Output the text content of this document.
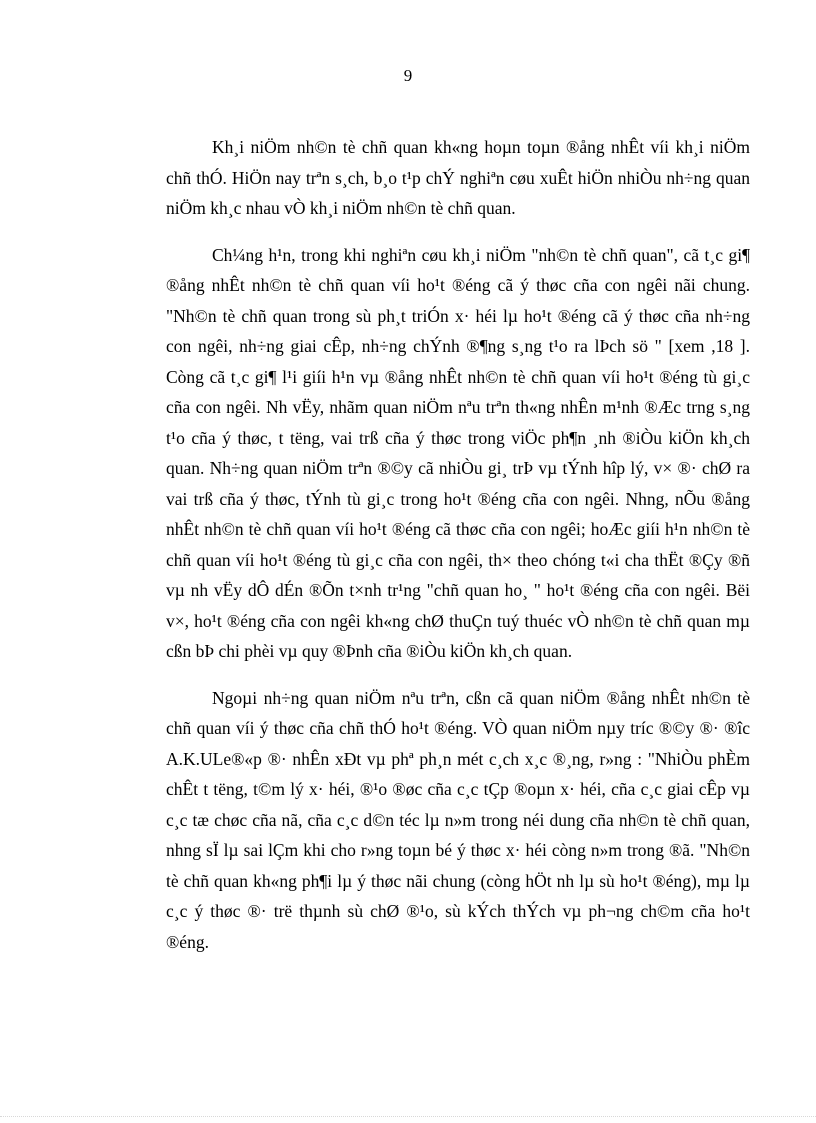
9

Kh¸i niÖm nh©n tè chñ quan kh«ng hoµn toµn ®ång nhÊt víi kh¸i niÖm chñ thÓ. HiÖn nay trªn s¸ch, b¸o t¹p chÝ nghiªn cøu xuÊt hiÖn nhiÒu nh÷ng quan niÖm kh¸c nhau vÒ kh¸i niÖm nh©n tè chñ quan.

Ch¼ng h¹n, trong khi nghiªn cøu kh¸i niÖm "nh©n tè chñ quan", cã t¸c gi¶ ®ång nhÊt nh©n tè chñ quan víi ho¹t ®éng cã ý thøc cña con ngêi nãi chung. "Nh©n tè chñ quan trong sù ph¸t triÓn x· héi lµ ho¹t ®éng cã ý thøc cña nh÷ng con ngêi, nh÷ng giai cÊp, nh÷ng chÝnh ®¶ng s¸ng t¹o ra lÞch sö " [xem ,18 ]. Còng cã t¸c gi¶ l¹i giíi h¹n vµ ®ång nhÊt nh©n tè chñ quan víi ho¹t ®éng tù gi¸c cña con ngêi. Nh vËy, nhãm quan niÖm nªu trªn th«ng nhÊn m¹nh ®Æc trng s¸ng t¹o cña ý thøc, t tëng, vai trß cña ý thøc trong viÖc ph¶n ¸nh ®iÒu kiÖn kh¸ch quan. Nh÷ng quan niÖm trªn ®©y cã nhiÒu gi¸ trÞ vµ tÝnh hîp lý, v× ®· chØ ra vai trß cña ý thøc, tÝnh tù gi¸c trong ho¹t ®éng cña con ngêi. Nhng, nÕu ®ång nhÊt nh©n tè chñ quan víi ho¹t ®éng cã thøc cña con ngêi; hoÆc giíi h¹n nh©n tè chñ quan víi ho¹t ®éng tù gi¸c cña con ngêi, th× theo chóng t«i cha thËt ®Çy ®ñ vµ nh vËy dÔ dÉn ®Õn t×nh tr¹ng "chñ quan ho¸ " ho¹t ®éng cña con ngêi. Bëi v×, ho¹t ®éng cña con ngêi kh«ng chØ thuÇn tuý thuéc vÒ nh©n tè chñ quan mµ cßn bÞ chi phèi vµ quy ®Þnh cña ®iÒu kiÖn kh¸ch quan.

Ngoµi nh÷ng quan niÖm nªu trªn, cßn cã quan niÖm ®ång nhÊt nh©n tè chñ quan víi ý thøc cña chñ thÓ ho¹t ®éng. VÒ quan niÖm nµy tríc ®©y ®· ®îc A.K.ULe®«p ®· nhÊn xÐt vµ phª ph¸n mét c¸ch x¸c ®¸ng, r»ng : "NhiÒu phÈm chÊt t tëng, t©m lý x· héi, ®¹o ®øc cña c¸c tÇp ®oµn x· héi, cña c¸c giai cÊp vµ c¸c tæ chøc cña nã, cña c¸c d©n téc lµ n»m trong néi dung cña nh©n tè chñ quan, nhng sÏ lµ sai lÇm khi cho r»ng toµn bé ý thøc x· héi còng n»m trong ®ã. "Nh©n tè chñ quan kh«ng ph¶i lµ ý thøc nãi chung (còng hÖt nh lµ sù ho¹t ®éng), mµ lµ c¸c ý thøc ®· trë thµnh sù chØ ®¹o, sù kÝch thÝch vµ ph¬ng ch©m cña ho¹t ®éng.
